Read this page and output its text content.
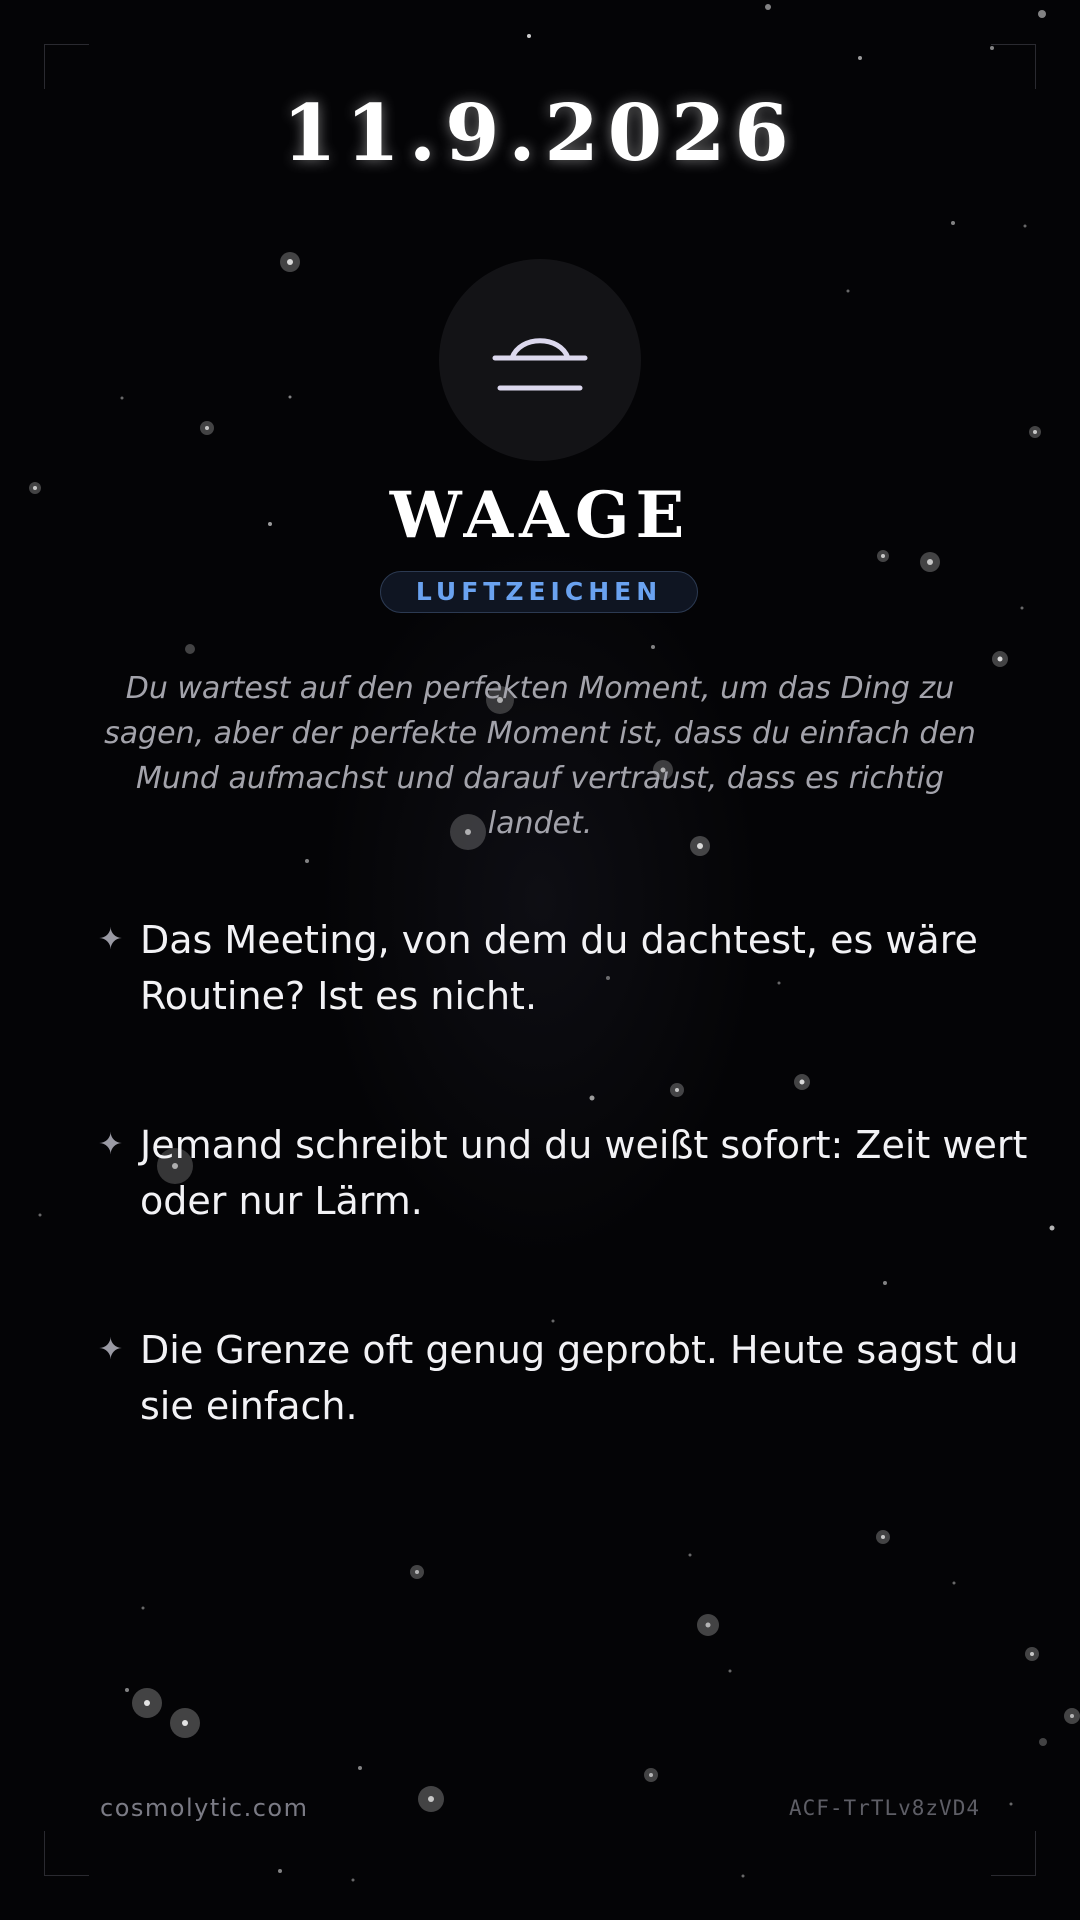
11.9.2026
WAAGE
LUFTZEICHEN
Du wartest auf den perfekten Moment, um das Ding zu sagen, aber der perfekte Moment ist, dass du einfach den Mund aufmachst und darauf vertraust, dass es richtig landet.
✦ Das Meeting, von dem du dachtest, es wäre Routine? Ist es nicht.
✦ Jemand schreibt und du weißt sofort: Zeit wert oder nur Lärm.
✦ Die Grenze oft genug geprobt. Heute sagst du sie einfach.
cosmolytic.com	ACF-TrTLv8zVD4
